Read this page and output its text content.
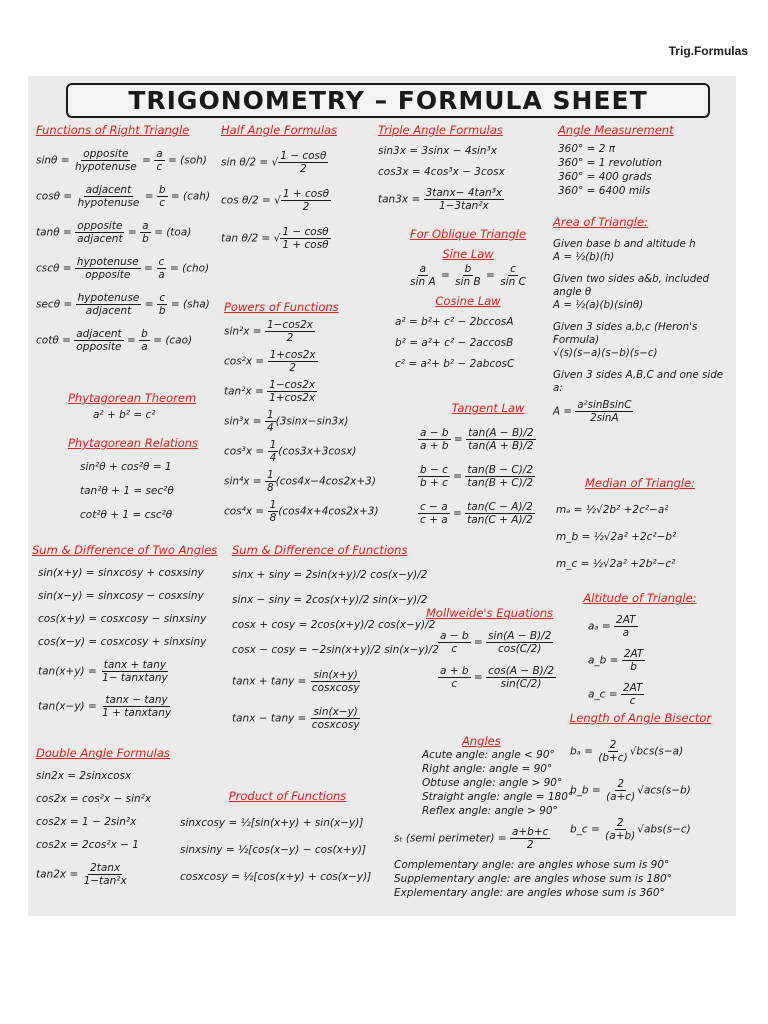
Trig.Formulas
TRIGONOMETRY – FORMULA SHEET
Functions of Right Triangle
sinθ =
opposite
hypotenuse
= $\frac{a}{c} = (soh)$
cosθ =
adjacent
hypotenuse
= $\frac{b}{c} = (cah)$
tanθ =
opposite
adjacent
= $\frac{a}{b} = (toa)$
cscθ =
hypotenuse
opposite
= $\frac{c}{a} = (cho)$
secθ =
hypotenuse
adjacent
= $\frac{c}{b} = (sha)$
cotθ =
adjacent
opposite
= $\frac{b}{a} = (cao)$
Phytagorean Theorem
a² + b² = c²
Phytagorean Relations
sin²θ + cos²θ = 1
tan²θ + 1 = sec²θ
cot²θ + 1 = csc²θ
Half Angle Formulas
sin θ/2 = √ $\frac{1 - \cos\theta}{2}$
cos θ/2 = √ $\frac{1 + \cos\theta}{2}$
tan θ/2 = √ $\frac{1 - \cos\theta}{1 + \cos\theta}$
Powers of Functions
$\sin^2x = \frac{1-\cos 2x}{2}$
$\cos^2x = \frac{1+\cos 2x}{2}$
$\tan^2x = \frac{1-\cos 2x}{1+\cos 2x}$
$\sin^3x = \frac{1}{4} (3\sin x-\sin 3x)$
$\cos^3x = \frac{1}{4} (\cos 3x+3\cos x)$
$\sin^4x = \frac{1}{8} (\cos 4x-4\cos 2x+3)$
$\cos^4x = \frac{1}{8} (\cos 4x+4\cos 2x+3)$
Triple Angle Formulas
sin3x = 3sinx − 4sin³x
cos3x = 4cos³x − 3cosx
$\tan 3x = \frac{\text{3tanx− 4tan³x}}{\text{1−3tan²x}}$
For Oblique Triangle
Sine Law
$\frac{a}{\text{sin A}} = \frac{b}{\text{sin B}} = \frac{c}{\text{sin C}}$
Cosine Law
a² = b²+ c² − 2bccosA
b² = a²+ c² − 2accosB
c² = a²+ b² − 2abcosC
Tangent Law
$\frac{a - b}{a + b} = \frac{\tan(A - B)/2}{\tan(A + B)/2}$
$\frac{b - c}{b + c} = \frac{\tan(B - C)/2}{\tan(B + C)/2}$
$\frac{c - a}{c + a} = \frac{\tan(C - A)/2}{\tan(C + A)/2}$
Mollweide's Equations
$\frac{a - b}{c} = \frac{\sin(A - B)/2}{\cos(C/2)}$
$\frac{a + b}{c} = \frac{\cos(A - B)/2}{\sin(C/2)}$
Angle Measurement
360° = 2 π
360° = 1 revolution
360° = 400 grads
360° = 6400 mils
Area of Triangle:
Given base b and altitude h
A = ½(b)(h)
Given two sides a&b, included angle θ
A = ½(a)(b)(sinθ)
Given 3 sides a,b,c (Heron's Formula)
√(s)(s−a)(s−b)(s−c)
Given 3 sides A,B,C and one side a:
$A = \frac{\text{a²sinBsinC}}{2\sin A}$
Median of Triangle:
mₐ = ½√2b² +2c²−a²
m_b = ½√2a² +2c²−b²
m_c = ½√2a² +2b²−c²
Altitude of Triangle:
$a_a = \frac{2AT}{a}$
a_b = $\frac{2AT}{b}$
a_c = $\frac{2AT}{c}$
Length of Angle Bisector
$b_a = \frac{2}{(b+c)} √bcs(s-a)$
b_b = $\frac{2}{(a+c)} √acs(s-b)$
b_c = $\frac{2}{(a+b)} √abs(s-c)$
Sum & Difference of Two Angles
sin(x+y) = sinxcosy + cosxsiny
sin(x−y) = sinxcosy − cosxsiny
cos(x+y) = cosxcosy − sinxsiny
cos(x−y) = cosxcosy + sinxsiny
$\tan(x+y) = \frac{\tan x + \tan y}{\text{1− tanxtany}}$
$\tan(x-y) = \frac{\tan x - \tan y}{\text{1 + tanxtany}}$
Sum & Difference of Functions
sinx + siny = 2sin(x+y)/2 cos(x−y)/2
sinx − siny = 2cos(x+y)/2 sin(x−y)/2
cosx + cosy = 2cos(x+y)/2 cos(x−y)/2
cosx − cosy = −2sin(x+y)/2 sin(x−y)/2
$\tan x + \tan y = \frac{\sin(x+y)}{\text{cosxcosy}}$
$\tan x - \tan y = \frac{\sin(x-y)}{\text{cosxcosy}}$
Double Angle Formulas
sin2x = 2sinxcosx
cos2x = cos²x − sin²x
cos2x = 1 − 2sin²x
cos2x = 2cos²x − 1
$\tan 2x = \frac{2\tan x}{\text{1−tan²x}}$
Product of Functions
sinxcosy = ½[sin(x+y) + sin(x−y)]
sinxsiny = ½[cos(x−y) − cos(x+y)]
cosxcosy = ½[cos(x+y) + cos(x−y)]
Angles
Acute angle: angle < 90°
Right angle: angle = 90°
Obtuse angle: angle > 90°
Straight angle: angle = 180°
Reflex angle: angle > 90°
sₜ (semi perimeter) = $\frac{a+b+c}{2}$
Complementary angle: are angles whose sum is 90°
Supplementary angle: are angles whose sum is 180°
Explementary angle: are angles whose sum is 360°
